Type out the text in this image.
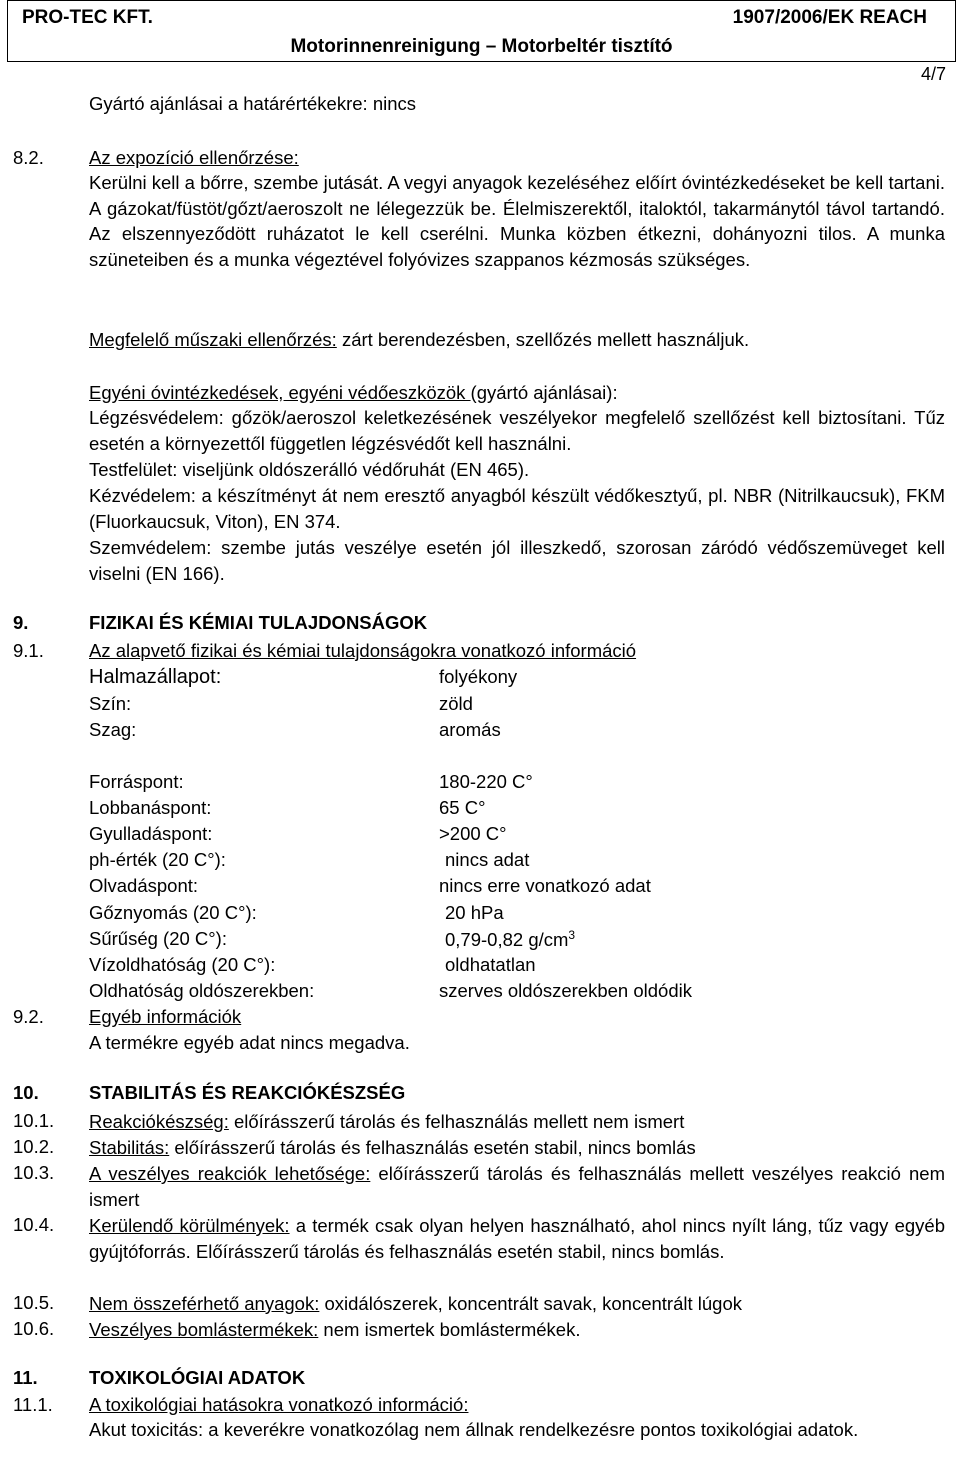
PRO-TEC KFT.	1907/2006/EK REACH
Motorinnenreinigung – Motorbeltér tisztító
4/7
Gyártó ajánlásai a határértékekre: nincs
8.2. Az expozíció ellenőrzése:
Kerülni kell a bőrre, szembe jutását. A vegyi anyagok kezeléséhez előírt óvintézkedéseket be kell tartani. A gázokat/füstöt/gőzt/aeroszolt ne lélegezzük be. Élelmiszerektől, italoktól, takarmánytól távol tartandó. Az elszennyeződött ruházatot le kell cserélni. Munka közben étkezni, dohányozni tilos. A munka szüneteiben és a munka végeztével folyóvizes szappanos kézmosás szükséges.
Megfelelő műszaki ellenőrzés: zárt berendezésben, szellőzés mellett használjuk.
Egyéni óvintézkedések, egyéni védőeszközök (gyártó ajánlásai):
Légzésvédelem: gőzök/aeroszol keletkezésének veszélyekor megfelelő szellőzést kell biztosítani. Tűz esetén a környezettől független légzésvédőt kell használni.
Testfelület: viseljünk oldószerálló védőruhát (EN 465).
Kézvédelem: a készítményt át nem eresztő anyagból készült védőkesztyű, pl. NBR (Nitrilkaucsuk), FKM (Fluorkaucsuk, Viton), EN 374.
Szemvédelem: szembe jutás veszélye esetén jól illeszkedő, szorosan záródó védőszemüveget kell viselni (EN 166).
9.	FIZIKAI ÉS KÉMIAI TULAJDONSÁGOK
9.1. Az alapvető fizikai és kémiai tulajdonságokra vonatkozó információ
Halmazállapot:	folyékony
Szín:	zöld
Szag:	aromás
Forráspont:	180-220 C°
Lobbanáspont:	65 C°
Gyulladáspont:	>200 C°
ph-érték (20 C°):	nincs adat
Olvadáspont:	nincs erre vonatkozó adat
Gőznyomás (20 C°):	20 hPa
Sűrűség (20 C°):	0,79-0,82 $g/cm^3$
Vízoldhatóság (20 C°):	oldhatatlan
Oldhatóság oldószerekben:	szerves oldószerekben oldódik
9.2. Egyéb információk
A termékre egyéb adat nincs megadva.
10.	STABILITÁS ÉS REAKCIÓKÉSZSÉG
10.1. Reakciókészség: előírásszerű tárolás és felhasználás mellett nem ismert
10.2. Stabilitás: előírásszerű tárolás és felhasználás esetén stabil, nincs bomlás
10.3. A veszélyes reakciók lehetősége: előírásszerű tárolás és felhasználás mellett veszélyes reakció nem ismert
10.4. Kerülendő körülmények: a termék csak olyan helyen használható, ahol nincs nyílt láng, tűz vagy egyéb gyújtóforrás. Előírásszerű tárolás és felhasználás esetén stabil, nincs bomlás.
10.5. Nem összeférhető anyagok: oxidálószerek, koncentrált savak, koncentrált lúgok
10.6. Veszélyes bomlástermékek: nem ismertek bomlástermékek.
11.	TOXIKOLÓGIAI ADATOK
11.1. A toxikológiai hatásokra vonatkozó információ:
Akut toxicitás: a keverékre vonatkozólag nem állnak rendelkezésre pontos toxikológiai adatok.
